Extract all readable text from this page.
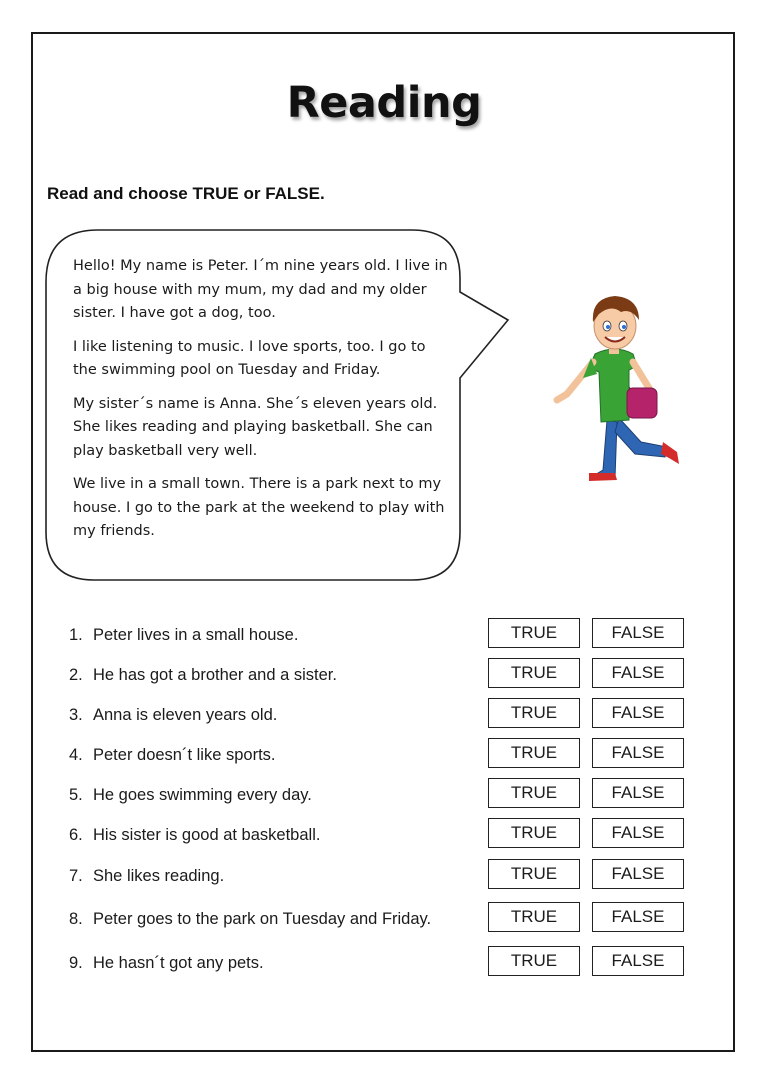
Reading
Read and choose TRUE or FALSE.

Hello! My name is Peter. I´m nine years old. I live in a big house with my mum, my dad and my older sister. I have got a dog, too.

I like listening to music. I love sports, too. I go to the swimming pool on Tuesday and Friday.

My sister´s name is Anna. She´s eleven years old. She likes reading and playing basketball. She can play basketball very well.

We live in a small town. There is a park next to my house. I go to the park at the weekend to play with my friends.

1. Peter lives in a small house.	TRUE	FALSE
2. He has got a brother and a sister.	TRUE	FALSE
3. Anna is eleven years old.	TRUE	FALSE
4. Peter doesn´t like sports.	TRUE	FALSE
5. He goes swimming every day.	TRUE	FALSE
6. His sister is good at basketball.	TRUE	FALSE
7. She likes reading.	TRUE	FALSE
8. Peter goes to the park on Tuesday and Friday.	TRUE	FALSE
9. He hasn´t got any pets.	TRUE	FALSE
